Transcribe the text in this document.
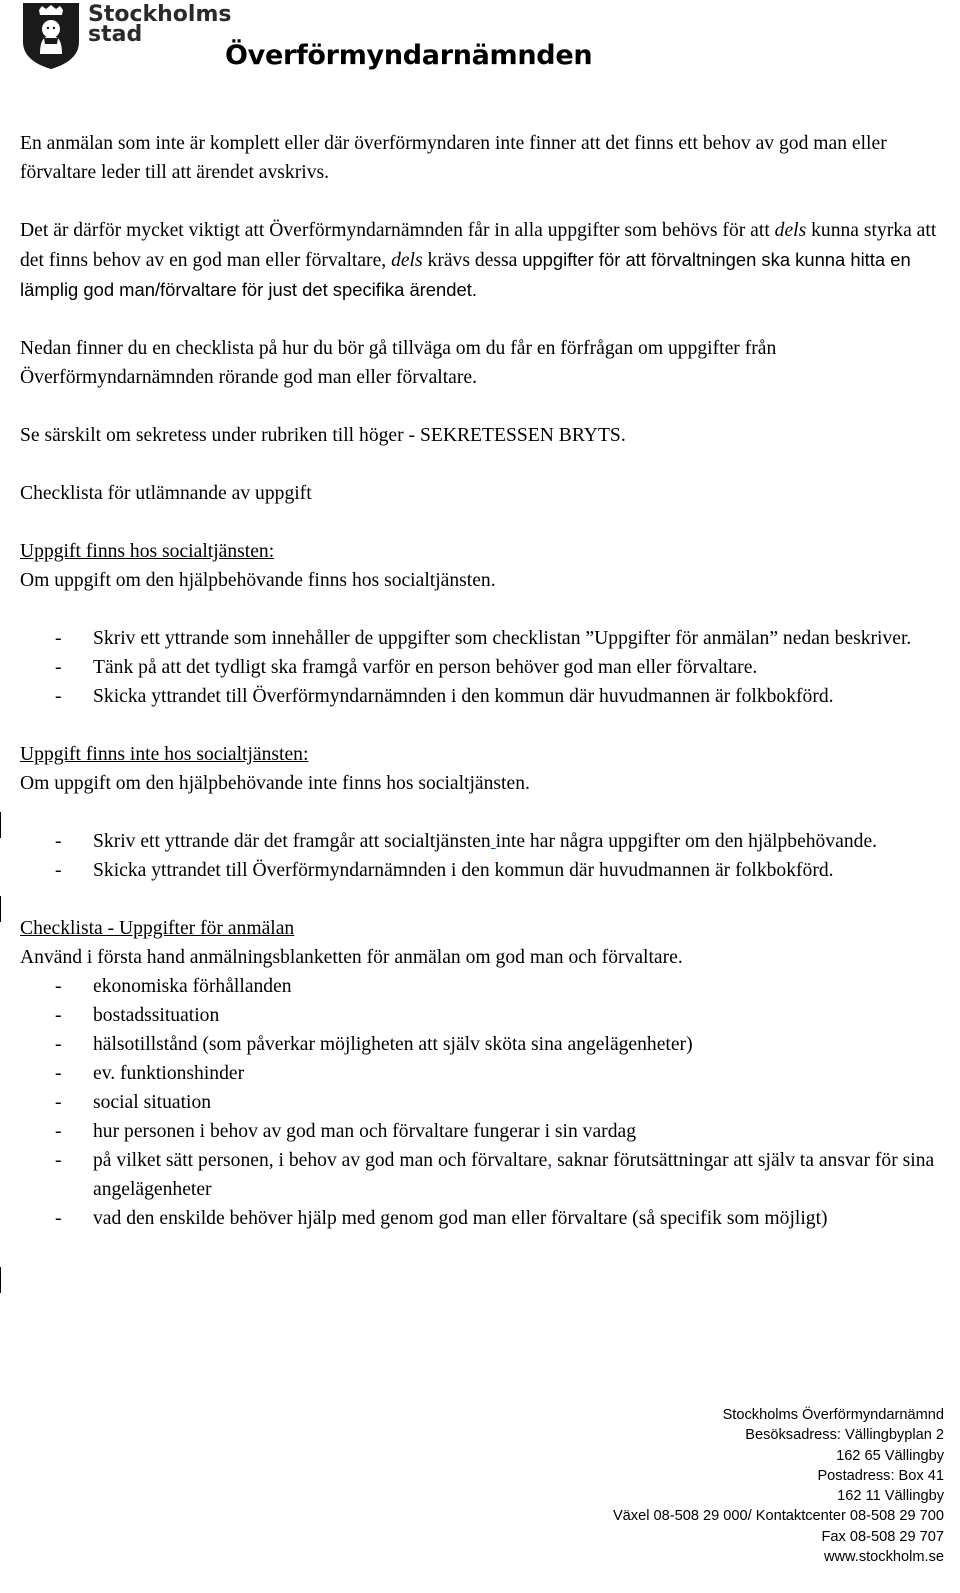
Stockholms
stad
Överförmyndarnämnden

En anmälan som inte är komplett eller där överförmyndaren inte finner att det finns ett behov av god man eller förvaltare leder till att ärendet avskrivs.

Det är därför mycket viktigt att Överförmyndarnämnden får in alla uppgifter som behövs för att dels kunna styrka att det finns behov av en god man eller förvaltare, dels krävs dessa uppgifter för att förvaltningen ska kunna hitta en lämplig god man/förvaltare för just det specifika ärendet.

Nedan finner du en checklista på hur du bör gå tillväga om du får en förfrågan om uppgifter från Överförmyndarnämnden rörande god man eller förvaltare.

Se särskilt om sekretess under rubriken till höger - SEKRETESSEN BRYTS.

Checklista för utlämnande av uppgift

Uppgift finns hos socialtjänsten:

Om uppgift om den hjälpbehövande finns hos socialtjänsten.

- Skriv ett yttrande som innehåller de uppgifter som checklistan ”Uppgifter för anmälan” nedan beskriver.
- Tänk på att det tydligt ska framgå varför en person behöver god man eller förvaltare.
- Skicka yttrandet till Överförmyndarnämnden i den kommun där huvudmannen är folkbokförd.

Uppgift finns inte hos socialtjänsten:

Om uppgift om den hjälpbehövande inte finns hos socialtjänsten.

- Skriv ett yttrande där det framgår att socialtjänsten inte har några uppgifter om den hjälpbehövande.
- Skicka yttrandet till Överförmyndarnämnden i den kommun där huvudmannen är folkbokförd.

Checklista - Uppgifter för anmälan

Använd i första hand anmälningsblanketten för anmälan om god man och förvaltare.

- ekonomiska förhållanden
- bostadssituation
- hälsotillstånd (som påverkar möjligheten att själv sköta sina angelägenheter)
- ev. funktionshinder
- social situation
- hur personen i behov av god man och förvaltare fungerar i sin vardag
- på vilket sätt personen, i behov av god man och förvaltare, saknar förutsättningar att själv ta ansvar för sina angelägenheter
- vad den enskilde behöver hjälp med genom god man eller förvaltare (så specifik som möjligt)
Stockholms Överförmyndarnämnd
Besöksadress: Vällingbyplan 2
162 65 Vällingby
Postadress: Box 41
162 11 Vällingby
Växel 08-508 29 000/ Kontaktcenter 08-508 29 700
Fax 08-508 29 707
www.stockholm.se
